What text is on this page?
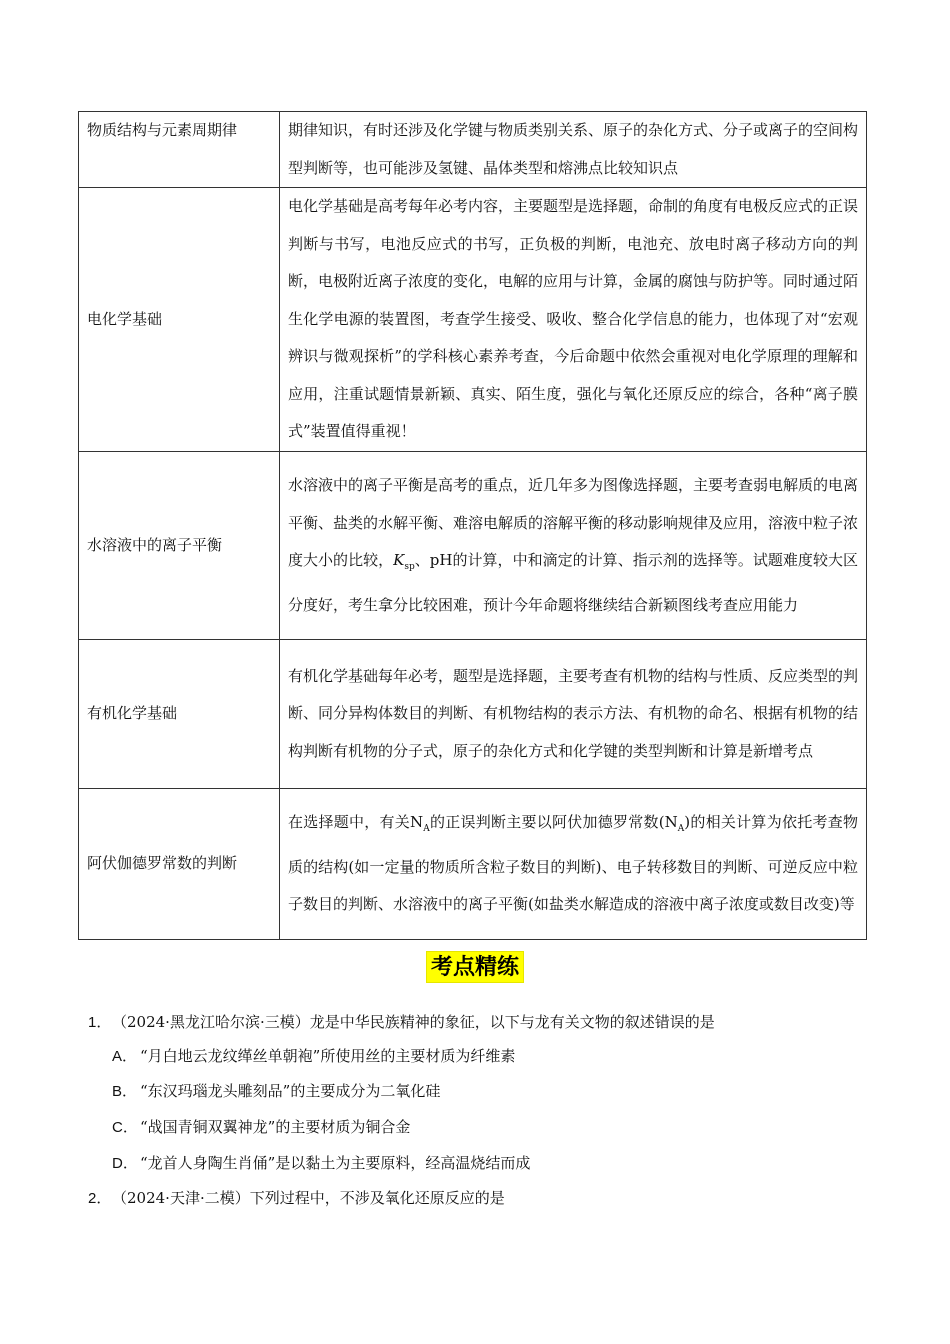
物质结构与元素周期律	期律知识，有时还涉及化学键与物质类别关系、原子的杂化方式、分子或离子的空间构型判断等，也可能涉及氢键、晶体类型和熔沸点比较知识点
电化学基础	电化学基础是高考每年必考内容，主要题型是选择题，命制的角度有电极反应式的正误判断与书写，电池反应式的书写，正负极的判断，电池充、放电时离子移动方向的判断，电极附近离子浓度的变化，电解的应用与计算，金属的腐蚀与防护等。同时通过陌生化学电源的装置图，考查学生接受、吸收、整合化学信息的能力，也体现了对“宏观辨识与微观探析”的学科核心素养考查，今后命题中依然会重视对电化学原理的理解和应用，注重试题情景新颖、真实、陌生度，强化与氧化还原反应的综合，各种“离子膜式”装置值得重视！
水溶液中的离子平衡	水溶液中的离子平衡是高考的重点，近几年多为图像选择题，主要考查弱电解质的电离平衡、盐类的水解平衡、难溶电解质的溶解平衡的移动影响规律及应用，溶液中粒子浓度大小的比较，$K_{sp}$、pH的计算，中和滴定的计算、指示剂的选择等。试题难度较大区分度好，考生拿分比较困难，预计今年命题将继续结合新颖图线考查应用能力
有机化学基础	有机化学基础每年必考，题型是选择题，主要考查有机物的结构与性质、反应类型的判断、同分异构体数目的判断、有机物结构的表示方法、有机物的命名、根据有机物的结构判断有机物的分子式，原子的杂化方式和化学键的类型判断和计算是新增考点
阿伏伽德罗常数的判断	在选择题中，有关$N_A$的正误判断主要以阿伏加德罗常数$(N_A)$的相关计算为依托考查物质的结构(如一定量的物质所含粒子数目的判断)、电子转移数目的判断、可逆反应中粒子数目的判断、水溶液中的离子平衡(如盐类水解造成的溶液中离子浓度或数目改变)等
考点精练
1．（2024·黑龙江哈尔滨·三模）龙是中华民族精神的象征，以下与龙有关文物的叙述错误的是
A． “月白地云龙纹缂丝单朝袍”所使用丝的主要材质为纤维素
B． “东汉玛瑙龙头雕刻品”的主要成分为二氧化硅
C． “战国青铜双翼神龙”的主要材质为铜合金
D． “龙首人身陶生肖俑”是以黏土为主要原料，经高温烧结而成
2．（2024·天津·二模）下列过程中，不涉及氧化还原反应的是
